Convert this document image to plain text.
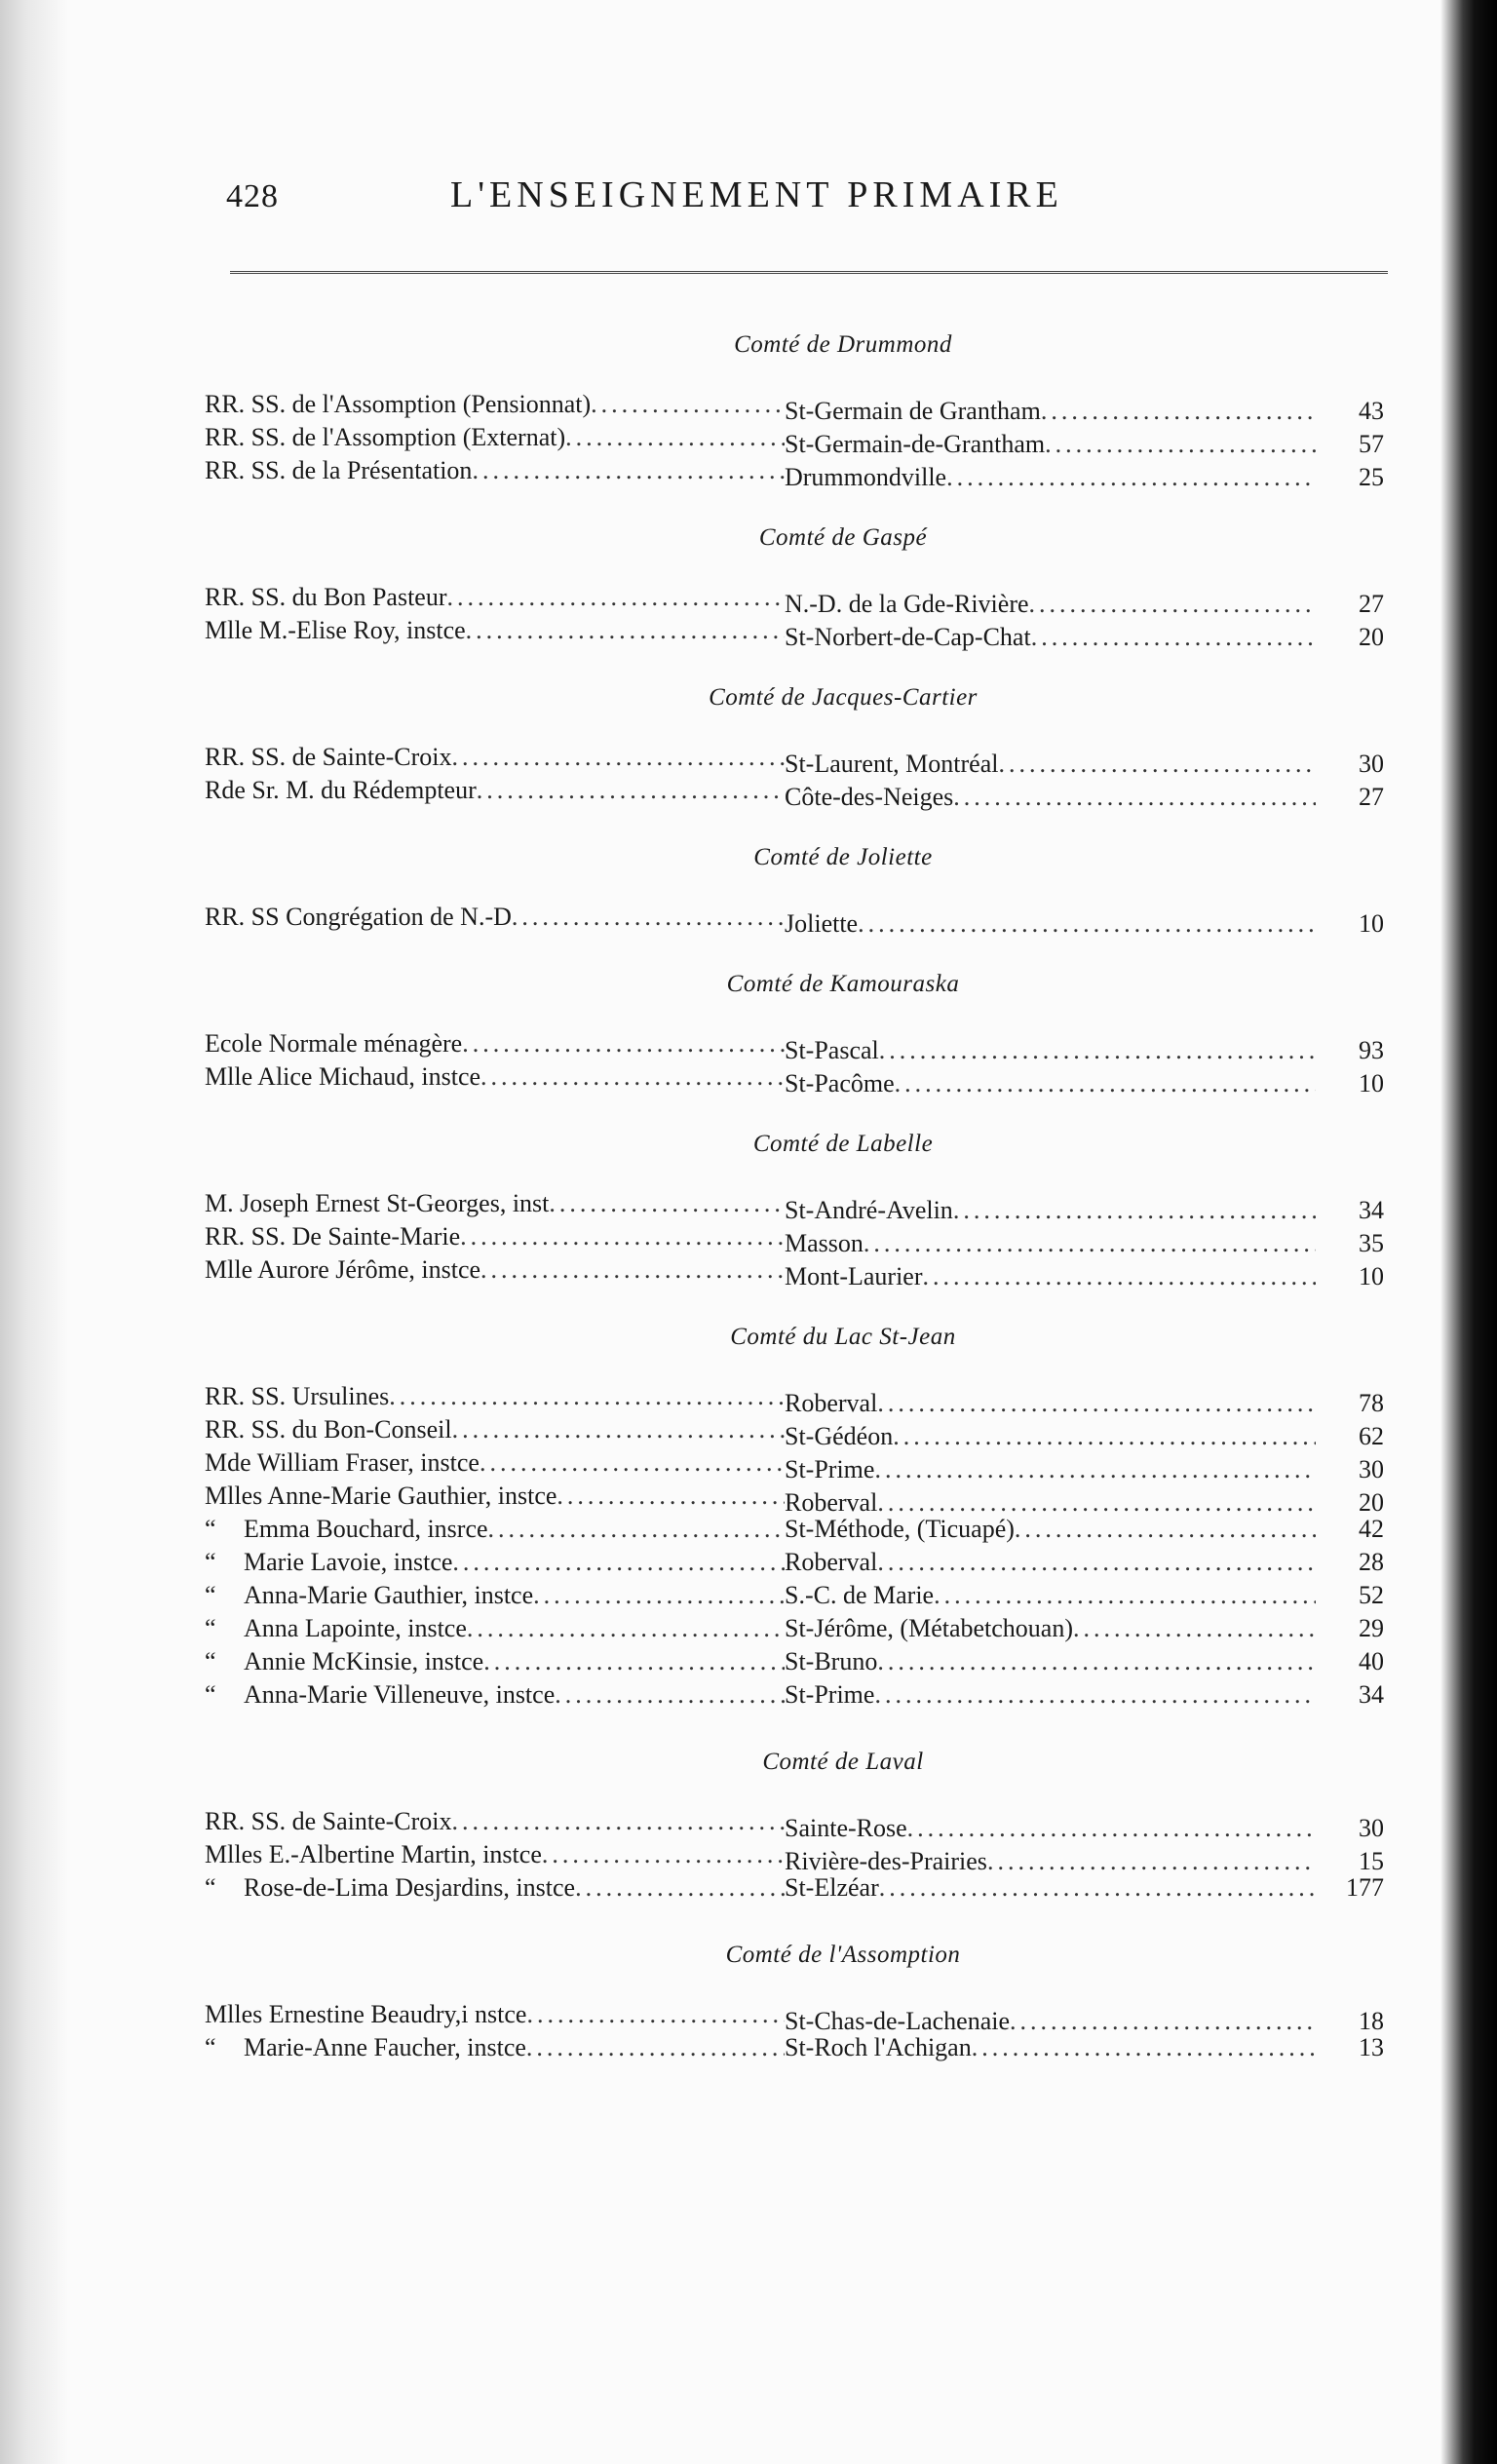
428	L'ENSEIGNEMENT PRIMAIRE
Comté de Drummond
RR. SS. de l'Assomption (Pensionnat) .....	St-Germain de Grantham .....	43
RR. SS. de l'Assomption (Externat) .....	St-Germain-de-Grantham .....	57
RR. SS. de la Présentation .....	Drummondville .....	25
Comté de Gaspé
RR. SS. du Bon Pasteur .....	N.-D. de la Gde-Rivière .....	27
Mlle M.-Elise Roy, instce .....	St-Norbert-de-Cap-Chat .....	20
Comté de Jacques-Cartier
RR. SS. de Sainte-Croix .....	St-Laurent, Montréal .....	30
Rde Sr. M. du Rédempteur .....	Côte-des-Neiges .....	27
Comté de Joliette
RR. SS Congrégation de N.-D .....	Joliette .....	10
Comté de Kamouraska
Ecole Normale ménagère .....	St-Pascal .....	93
Mlle Alice Michaud, instce .....	St-Pacôme .....	10
Comté de Labelle
M. Joseph Ernest St-Georges, inst .....	St-André-Avelin .....	34
RR. SS. De Sainte-Marie .....	Masson .....	35
Mlle Aurore Jérôme, instce .....	Mont-Laurier .....	10
Comté du Lac St-Jean
RR. SS. Ursulines .....	Roberval .....	78
RR. SS. du Bon-Conseil .....	St-Gédéon .....	62
Mde William Fraser, instce .....	St-Prime .....	30
Mlles Anne-Marie Gauthier, instce .....	Roberval .....	20
“	Emma Bouchard, insrce .....	St-Méthode, (Ticuapé) .....	42
“	Marie Lavoie, instce .....	Roberval .....	28
“	Anna-Marie Gauthier, instce .....	S.-C. de Marie .....	52
“	Anna Lapointe, instce .....	St-Jérôme, (Métabetchouan) .....	29
“	Annie McKinsie, instce .....	St-Bruno .....	40
“	Anna-Marie Villeneuve, instce .....	St-Prime .....	34
Comté de Laval
RR. SS. de Sainte-Croix .....	Sainte-Rose .....	30
Mlles E.-Albertine Martin, instce .....	Rivière-des-Prairies .....	15
“	Rose-de-Lima Desjardins, instce .....	St-Elzéar .....	177
Comté de l'Assomption
Mlles Ernestine Beaudry,i nstce .....	St-Chas-de-Lachenaie .....	18
“	Marie-Anne Faucher, instce .....	St-Roch l'Achigan .....	13
